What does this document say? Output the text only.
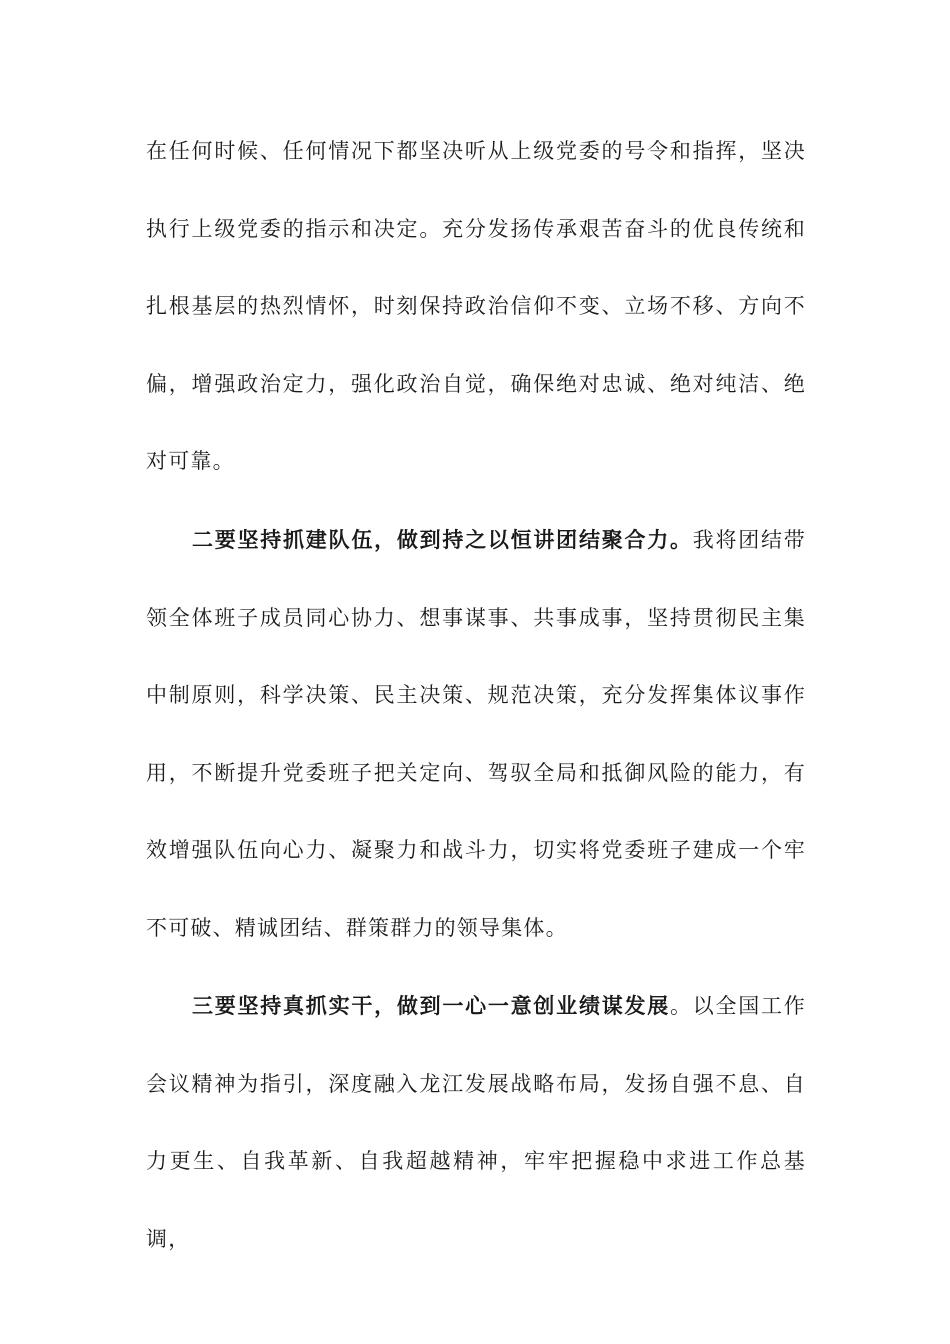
在任何时候、任何情况下都坚决听从上级党委的号令和指挥，坚决执行上级党委的指示和决定。充分发扬传承艰苦奋斗的优良传统和扎根基层的热烈情怀，时刻保持政治信仰不变、立场不移、方向不偏，增强政治定力，强化政治自觉，确保绝对忠诚、绝对纯洁、绝对可靠。

二要坚持抓建队伍，做到持之以恒讲团结聚合力。我将团结带领全体班子成员同心协力、想事谋事、共事成事，坚持贯彻民主集中制原则，科学决策、民主决策、规范决策，充分发挥集体议事作用，不断提升党委班子把关定向、驾驭全局和抵御风险的能力，有效增强队伍向心力、凝聚力和战斗力，切实将党委班子建成一个牢不可破、精诚团结、群策群力的领导集体。

三要坚持真抓实干，做到一心一意创业绩谋发展。以全国工作会议精神为指引，深度融入龙江发展战略布局，发扬自强不息、自力更生、自我革新、自我超越精神，牢牢把握稳中求进工作总基调，
